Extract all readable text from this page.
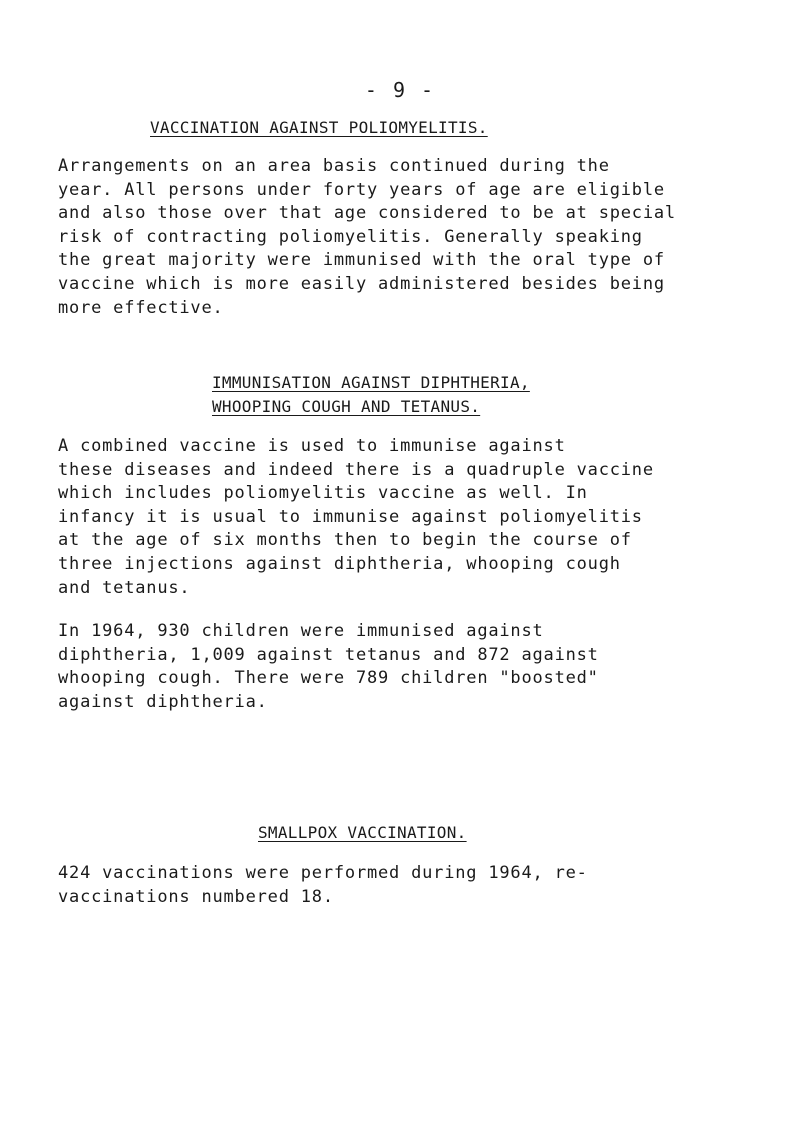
- 9 -
VACCINATION AGAINST POLIOMYELITIS.

Arrangements on an area basis continued during the
year. All persons under forty years of age are eligible
and also those over that age considered to be at special
risk of contracting poliomyelitis. Generally speaking
the great majority were immunised with the oral type of
vaccine which is more easily administered besides being
more effective.

IMMUNISATION AGAINST DIPHTHERIA,
WHOOPING COUGH AND TETANUS.

A combined vaccine is used to immunise against
these diseases and indeed there is a quadruple vaccine
which includes poliomyelitis vaccine as well. In
infancy it is usual to immunise against poliomyelitis
at the age of six months then to begin the course of
three injections against diphtheria, whooping cough
and tetanus.

In 1964, 930 children were immunised against
diphtheria, 1,009 against tetanus and 872 against
whooping cough. There were 789 children "boosted"
against diphtheria.

SMALLPOX VACCINATION.

424 vaccinations were performed during 1964, re-
vaccinations numbered 18.
